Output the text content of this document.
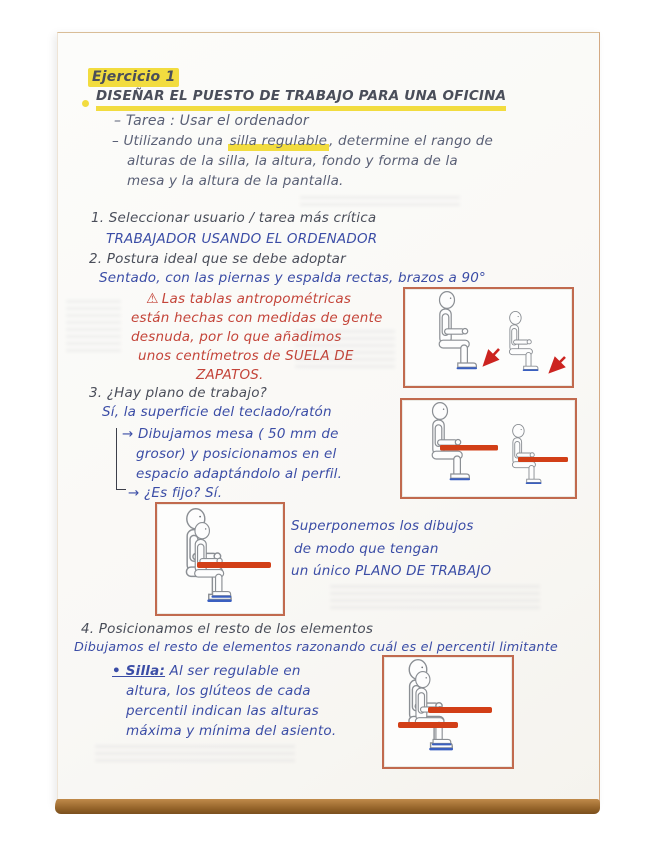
Ejercicio 1
DISEÑAR EL PUESTO DE TRABAJO PARA UNA OFICINA
– Tarea : Usar el ordenador
– Utilizando una silla regulable , determine el rango de
alturas de la silla, la altura, fondo y forma de la
mesa y la altura de la pantalla.
1. Seleccionar usuario / tarea más crítica
TRABAJADOR USANDO EL ORDENADOR
2. Postura ideal que se debe adoptar
Sentado, con las piernas y espalda rectas, brazos a 90°
⚠ Las tablas antropométricas
están hechas con medidas de gente
desnuda, por lo que añadimos
unos centímetros de SUELA DE
ZAPATOS.
3. ¿Hay plano de trabajo?
Sí, la superficie del teclado/ratón
→ Dibujamos mesa ( 50 mm de
grosor) y posicionamos en el
espacio adaptándolo al perfil.
→ ¿Es fijo? Sí.
Superponemos los dibujos
de modo que tengan
un único PLANO DE TRABAJO
4. Posicionamos el resto de los elementos
Dibujamos el resto de elementos razonando cuál es el percentil limitante
• Silla: Al ser regulable en
altura, los glúteos de cada
percentil indican las alturas
máxima y mínima del asiento.
